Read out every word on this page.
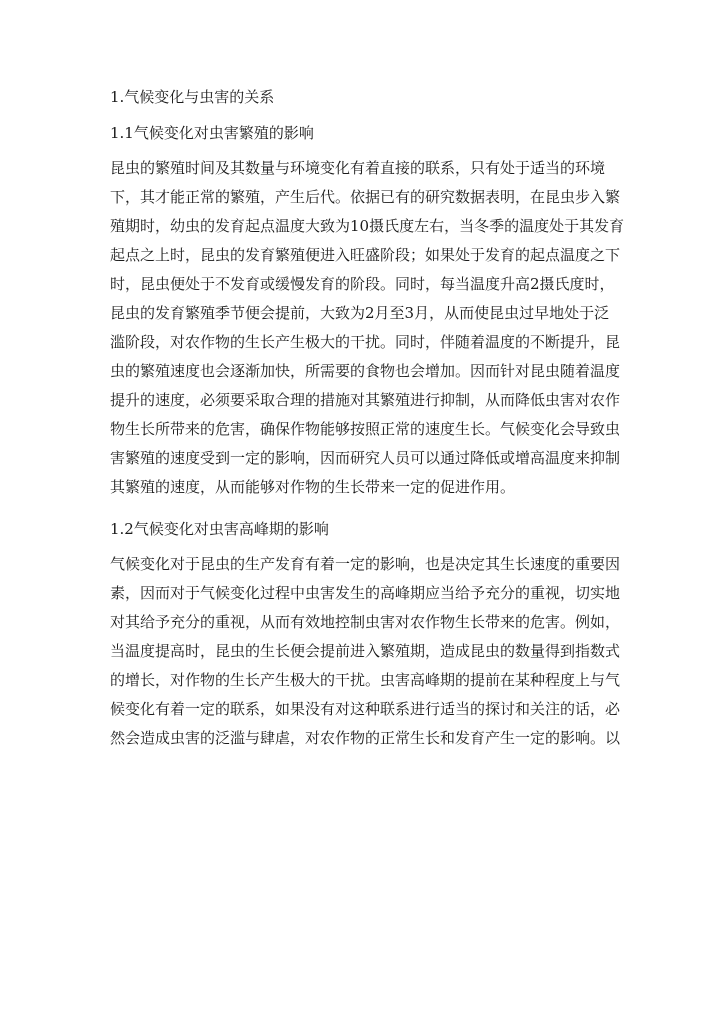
1.气候变化与虫害的关系
1.1气候变化对虫害繁殖的影响

昆虫的繁殖时间及其数量与环境变化有着直接的联系，只有处于适当的环境
下，其才能正常的繁殖，产生后代。依据已有的研究数据表明，在昆虫步入繁
殖期时，幼虫的发育起点温度大致为10摄氏度左右，当冬季的温度处于其发育
起点之上时，昆虫的发育繁殖便进入旺盛阶段；如果处于发育的起点温度之下
时，昆虫便处于不发育或缓慢发育的阶段。同时，每当温度升高2摄氏度时，
昆虫的发育繁殖季节便会提前，大致为2月至3月，从而使昆虫过早地处于泛
滥阶段，对农作物的生长产生极大的干扰。同时，伴随着温度的不断提升，昆
虫的繁殖速度也会逐渐加快，所需要的食物也会增加。因而针对昆虫随着温度
提升的速度，必须要采取合理的措施对其繁殖进行抑制，从而降低虫害对农作
物生长所带来的危害，确保作物能够按照正常的速度生长。气候变化会导致虫
害繁殖的速度受到一定的影响，因而研究人员可以通过降低或增高温度来抑制
其繁殖的速度，从而能够对作物的生长带来一定的促进作用。

1.2气候变化对虫害高峰期的影响

气候变化对于昆虫的生产发育有着一定的影响，也是决定其生长速度的重要因
素，因而对于气候变化过程中虫害发生的高峰期应当给予充分的重视，切实地
对其给予充分的重视，从而有效地控制虫害对农作物生长带来的危害。例如，
当温度提高时，昆虫的生长便会提前进入繁殖期，造成昆虫的数量得到指数式
的增长，对作物的生长产生极大的干扰。虫害高峰期的提前在某种程度上与气
候变化有着一定的联系，如果没有对这种联系进行适当的探讨和关注的话，必
然会造成虫害的泛滥与肆虐，对农作物的正常生长和发育产生一定的影响。以
